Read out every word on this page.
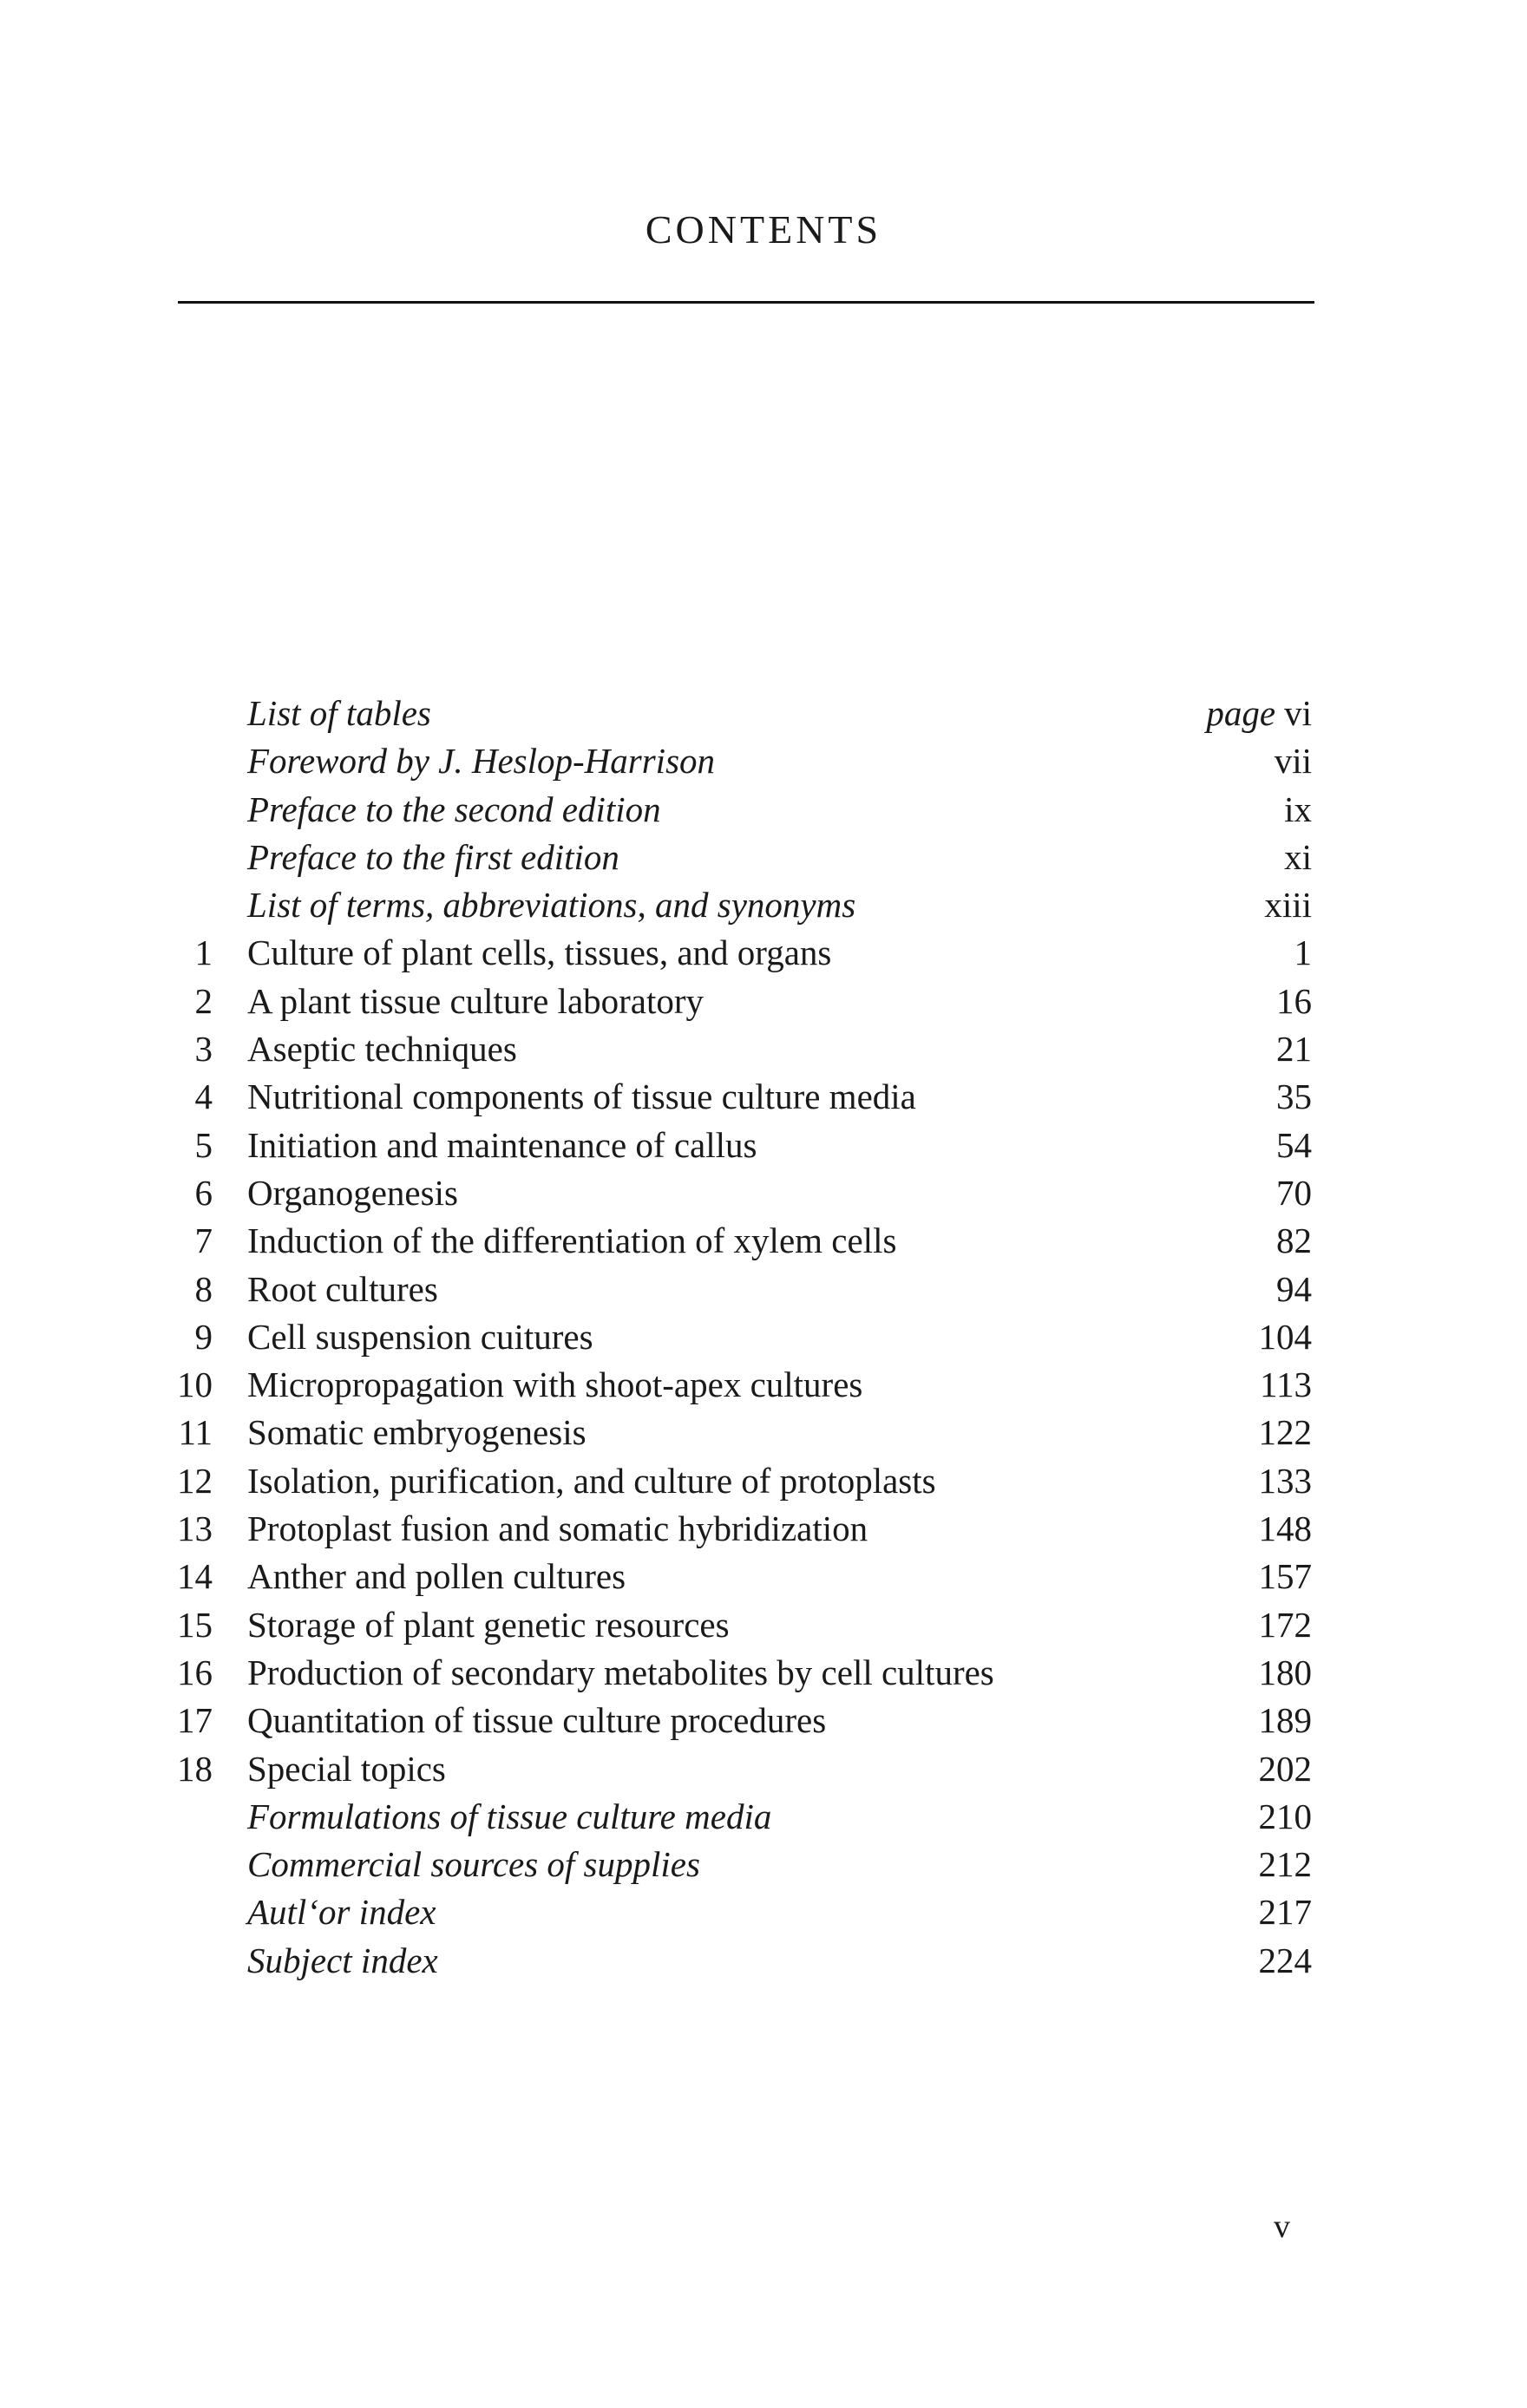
CONTENTS
List of tables	page vi
Foreword by J. Heslop-Harrison	vii
Preface to the second edition	ix
Preface to the first edition	xi
List of terms, abbreviations, and synonyms	xiii
1 Culture of plant cells, tissues, and organs	1
2 A plant tissue culture laboratory	16
3 Aseptic techniques	21
4 Nutritional components of tissue culture media	35
5 Initiation and maintenance of callus	54
6 Organogenesis	70
7 Induction of the differentiation of xylem cells	82
8 Root cultures	94
9 Cell suspension cuitures	104
10 Micropropagation with shoot-apex cultures	113
11 Somatic embryogenesis	122
12 Isolation, purification, and culture of protoplasts	133
13 Protoplast fusion and somatic hybridization	148
14 Anther and pollen cultures	157
15 Storage of plant genetic resources	172
16 Production of secondary metabolites by cell cultures	180
17 Quantitation of tissue culture procedures	189
18 Special topics	202
Formulations of tissue culture media	210
Commercial sources of supplies	212
Autlʻor index	217
Subject index	224
v
